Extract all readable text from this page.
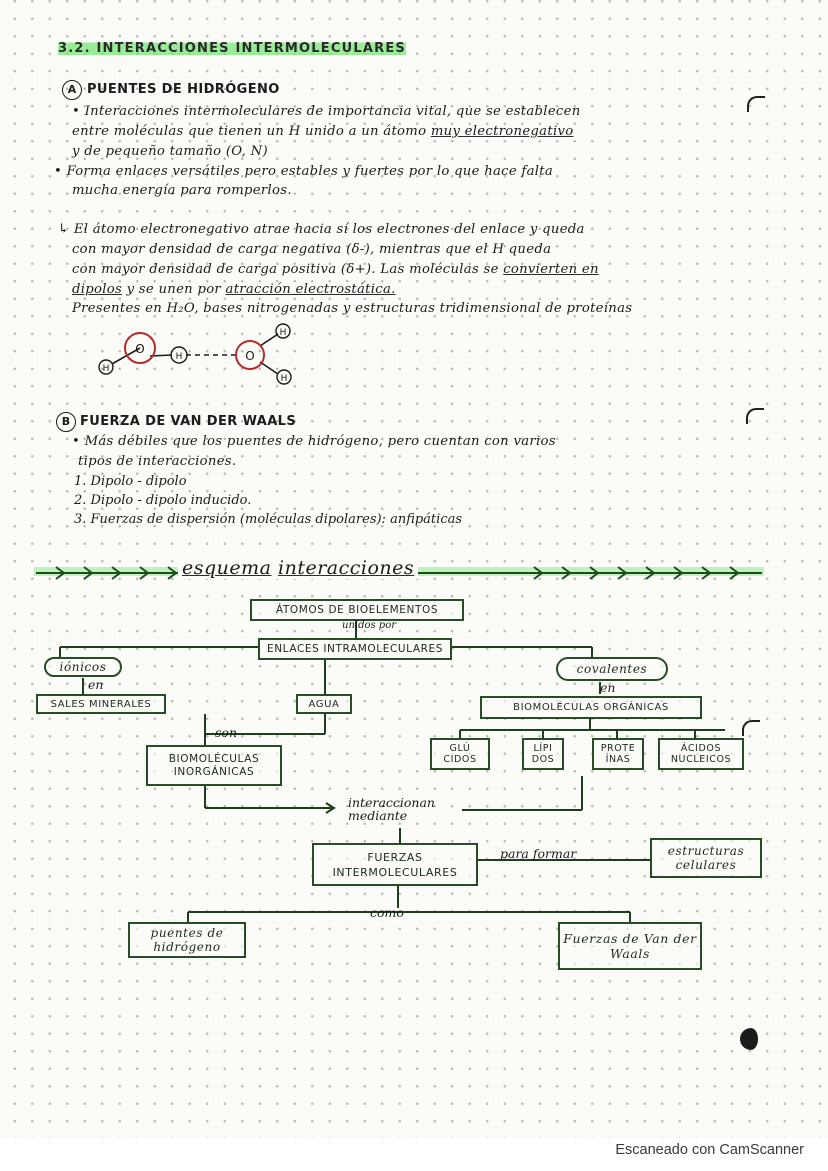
3.2. INTERACCIONES INTERMOLECULARES
A PUENTES DE HIDRÓGENO
• Interacciones intermoleculares de importancia vital, que se establecen
entre moléculas que tienen un H unido a un átomo muy electronegativo
y de pequeño tamaño (O, N)
• Forma enlaces versátiles pero estables y fuertes por lo que hace falta
mucha energía para romperlos.
↳ El átomo electronegativo atrae hacia sí los electrones del enlace y queda
con mayor densidad de carga negativa (δ-), mientras que el H queda
con mayor densidad de carga positiva (δ+). Las moléculas se convierten en
dipolos y se unen por atracción electrostática.
Presentes en H₂O, bases nitrogenadas y estructuras tridimensional de proteínas
O
H
H	O
H
H
B FUERZA DE VAN DER WAALS
• Más débiles que los puentes de hidrógeno, pero cuentan con varios
tipos de interacciones.
1. Dipolo - dipolo
2. Dipolo - dipolo inducido.
3. Fuerzas de dispersión (moléculas dipolares): anfipáticas
esquema interacciones
ÁTOMOS DE BIOELEMENTOS
unidos por
ENLACES INTRAMOLECULARES
iónicos
en
covalentes
en
SALES MINERALES	AGUA	BIOMOLÉCULAS ORGÁNICAS
son
BIOMOLÉCULAS INORGÁNICAS
GLÚ CIDOS
LÍPI DOS
PROTE ÍNAS
ÁCIDOS NUCLEICOS
interaccionan
mediante
FUERZAS INTERMOLECULARES
para formar	estructuras celulares
como
puentes de hidrógeno
Fuerzas de Van der Waals
Escaneado con CamScanner
